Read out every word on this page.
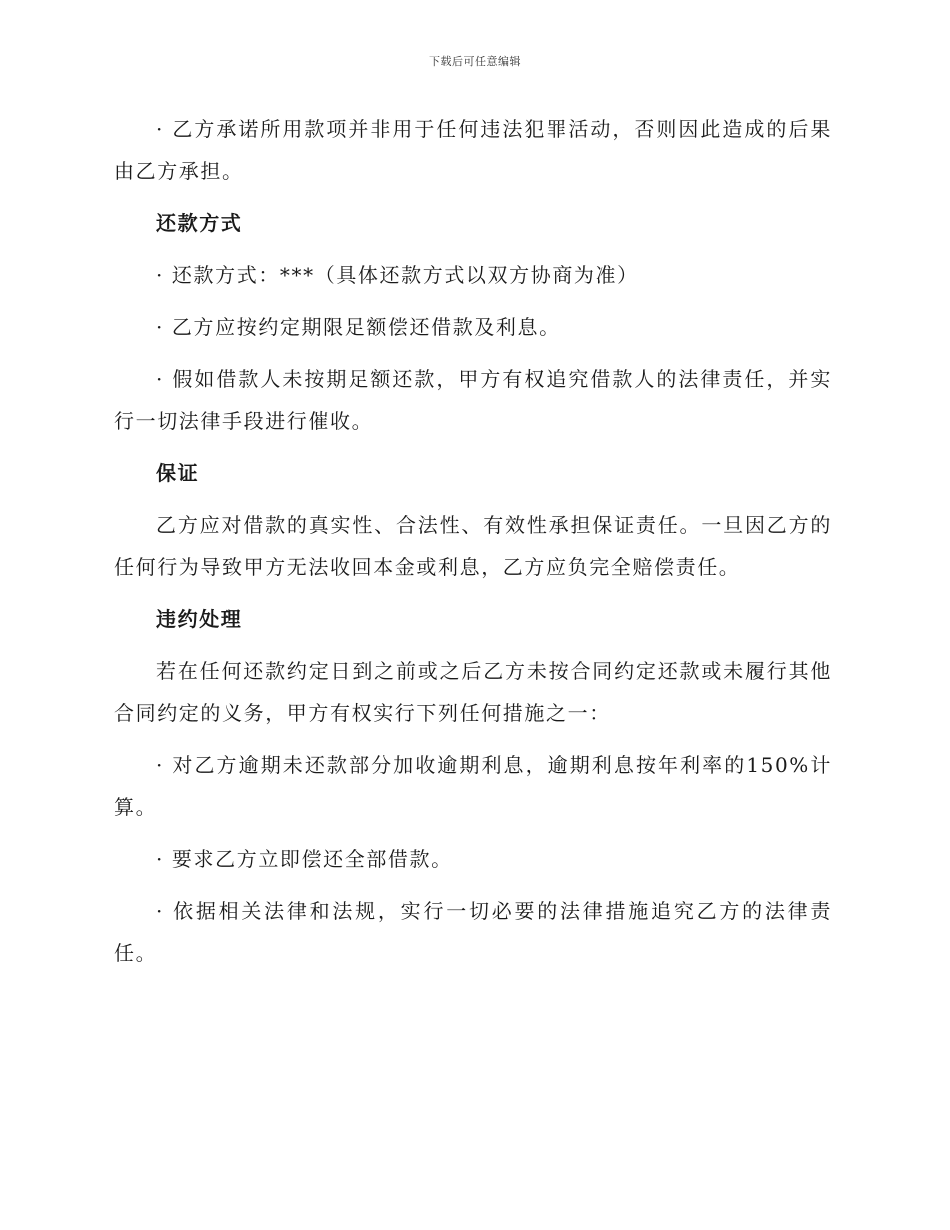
下载后可任意编辑

· 乙方承诺所用款项并非用于任何违法犯罪活动，否则因此造成的后果由乙方承担。

还款方式

· 还款方式：***（具体还款方式以双方协商为准）

· 乙方应按约定期限足额偿还借款及利息。

· 假如借款人未按期足额还款，甲方有权追究借款人的法律责任，并实行一切法律手段进行催收。

保证

乙方应对借款的真实性、合法性、有效性承担保证责任。一旦因乙方的任何行为导致甲方无法收回本金或利息，乙方应负完全赔偿责任。

违约处理

若在任何还款约定日到之前或之后乙方未按合同约定还款或未履行其他合同约定的义务，甲方有权实行下列任何措施之一：

· 对乙方逾期未还款部分加收逾期利息，逾期利息按年利率的150%计算。

· 要求乙方立即偿还全部借款。

· 依据相关法律和法规，实行一切必要的法律措施追究乙方的法律责任。
